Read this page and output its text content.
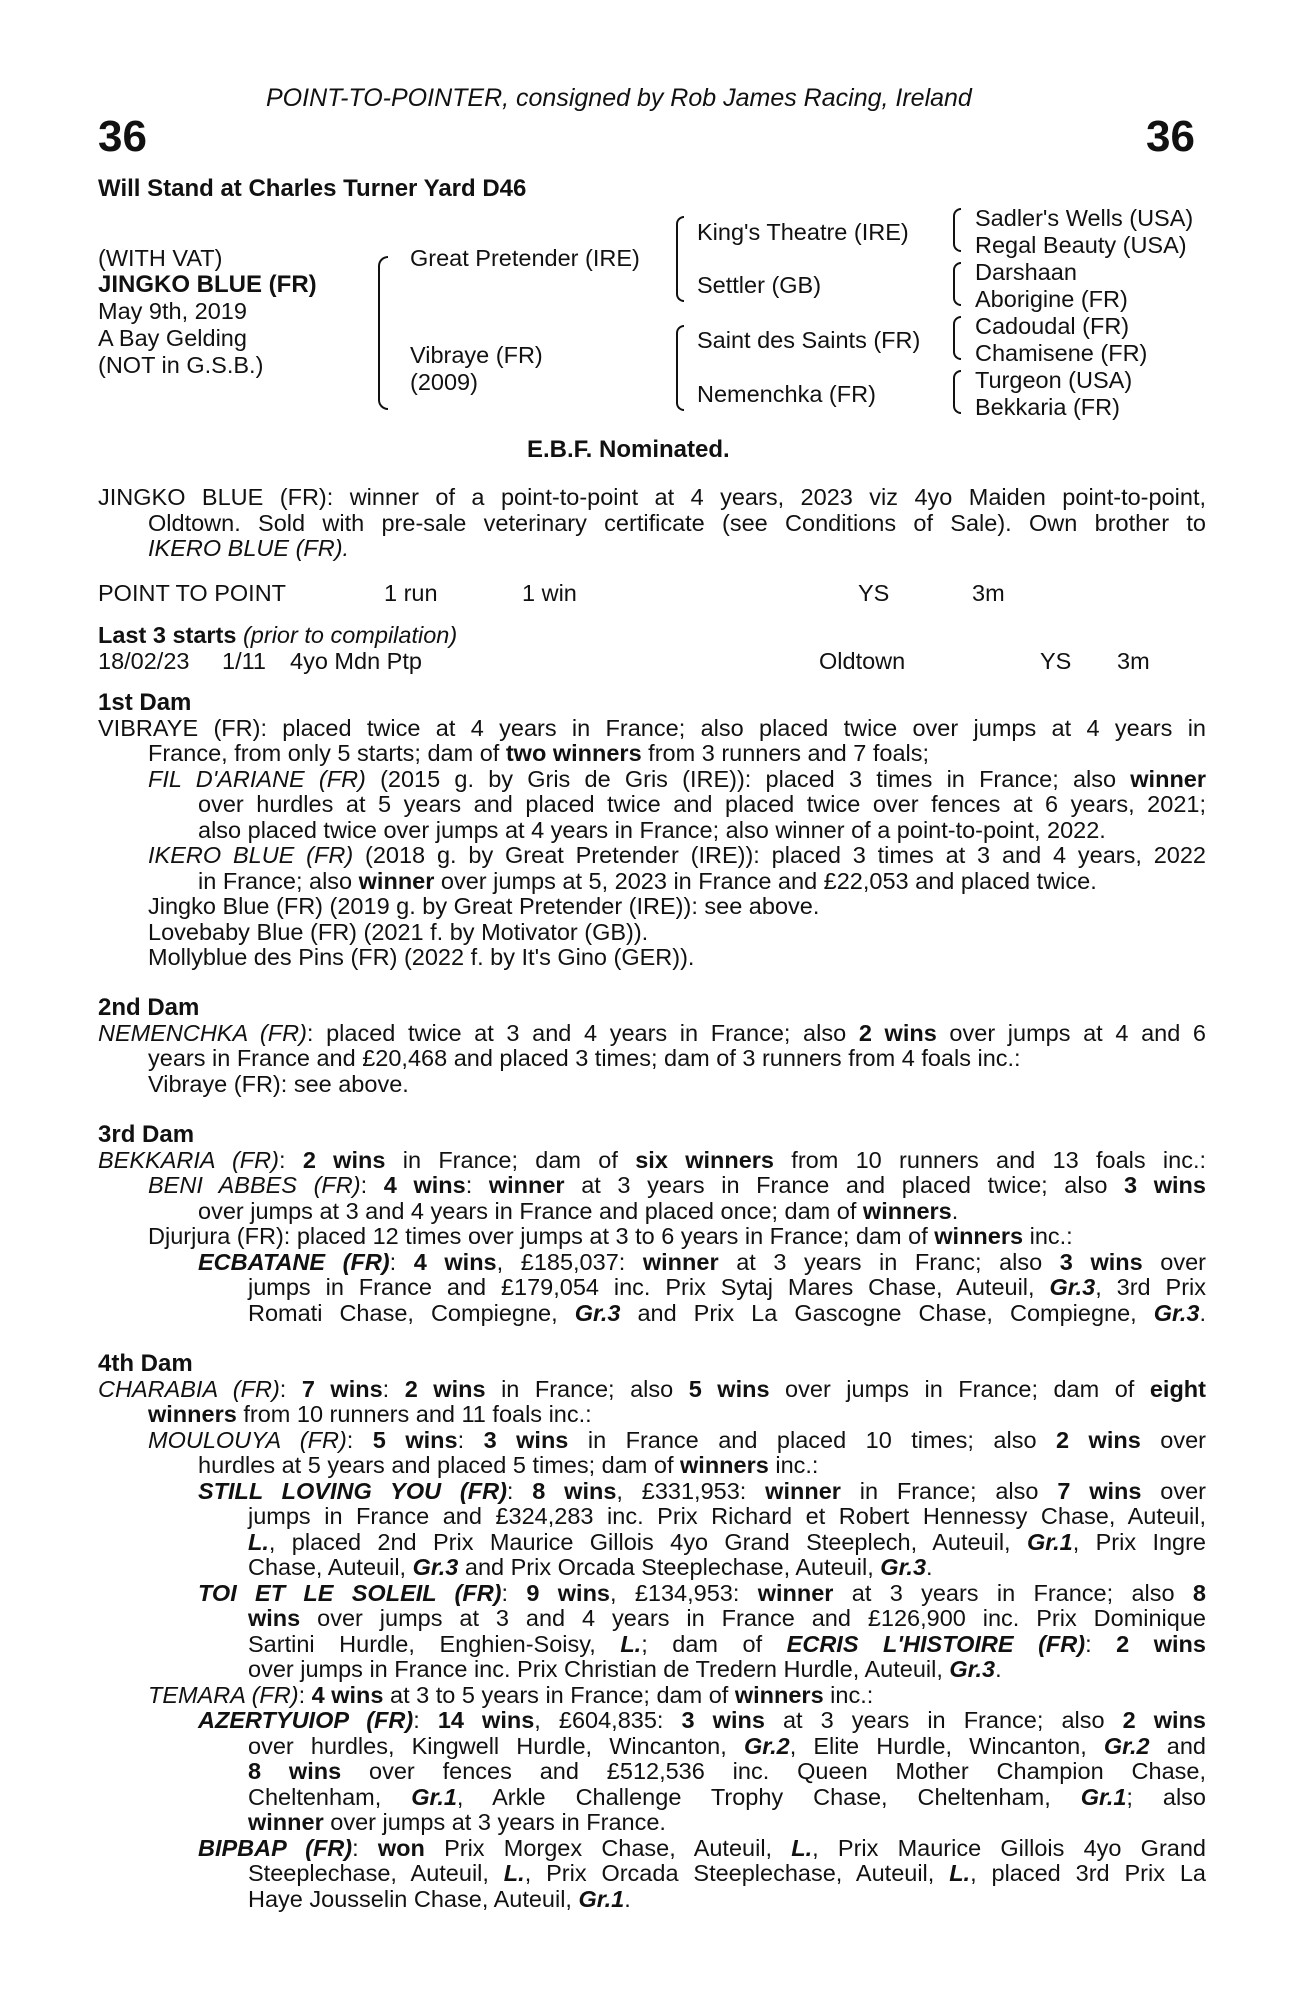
POINT-TO-POINTER, consigned by Rob James Racing, Ireland
36	36
Will Stand at Charles Turner Yard D46
(WITH VAT)
JINGKO BLUE (FR)
May 9th, 2019
A Bay Gelding
(NOT in G.S.B.)
Great Pretender (IRE)
Vibraye (FR)
(2009)
King's Theatre (IRE)
Settler (GB)
Saint des Saints (FR)
Nemenchka (FR)
Sadler's Wells (USA)
Regal Beauty (USA)
Darshaan
Aborigine (FR)
Cadoudal (FR)
Chamisene (FR)
Turgeon (USA)
Bekkaria (FR)
E.B.F. Nominated.
JINGKO BLUE (FR): winner of a point-to-point at 4 years, 2023 viz 4yo Maiden point-to-point,
Oldtown. Sold with pre-sale veterinary certificate (see Conditions of Sale). Own brother to
IKERO BLUE (FR).
POINT TO POINT	1 run	1 win	YS	3m
Last 3 starts (prior to compilation)
18/02/23 1/11 4yo Mdn Ptp	Oldtown	YS 3m
1st Dam
VIBRAYE (FR): placed twice at 4 years in France; also placed twice over jumps at 4 years in
France, from only 5 starts; dam of two winners from 3 runners and 7 foals;
FIL D'ARIANE (FR) (2015 g. by Gris de Gris (IRE)): placed 3 times in France; also winner
over hurdles at 5 years and placed twice and placed twice over fences at 6 years, 2021;
also placed twice over jumps at 4 years in France; also winner of a point-to-point, 2022.
IKERO BLUE (FR) (2018 g. by Great Pretender (IRE)): placed 3 times at 3 and 4 years, 2022
in France; also winner over jumps at 5, 2023 in France and £22,053 and placed twice.
Jingko Blue (FR) (2019 g. by Great Pretender (IRE)): see above.
Lovebaby Blue (FR) (2021 f. by Motivator (GB)).
Mollyblue des Pins (FR) (2022 f. by It's Gino (GER)).
2nd Dam
NEMENCHKA (FR): placed twice at 3 and 4 years in France; also 2 wins over jumps at 4 and 6
years in France and £20,468 and placed 3 times; dam of 3 runners from 4 foals inc.:
Vibraye (FR): see above.
3rd Dam
BEKKARIA (FR): 2 wins in France; dam of six winners from 10 runners and 13 foals inc.:
BENI ABBES (FR): 4 wins: winner at 3 years in France and placed twice; also 3 wins
over jumps at 3 and 4 years in France and placed once; dam of winners.
Djurjura (FR): placed 12 times over jumps at 3 to 6 years in France; dam of winners inc.:
ECBATANE (FR): 4 wins, £185,037: winner at 3 years in Franc; also 3 wins over
jumps in France and £179,054 inc. Prix Sytaj Mares Chase, Auteuil, Gr.3, 3rd Prix
Romati Chase, Compiegne, Gr.3 and Prix La Gascogne Chase, Compiegne, Gr.3.
4th Dam
CHARABIA (FR): 7 wins: 2 wins in France; also 5 wins over jumps in France; dam of eight
winners from 10 runners and 11 foals inc.:
MOULOUYA (FR): 5 wins: 3 wins in France and placed 10 times; also 2 wins over
hurdles at 5 years and placed 5 times; dam of winners inc.:
STILL LOVING YOU (FR): 8 wins, £331,953: winner in France; also 7 wins over
jumps in France and £324,283 inc. Prix Richard et Robert Hennessy Chase, Auteuil,
L., placed 2nd Prix Maurice Gillois 4yo Grand Steeplech, Auteuil, Gr.1, Prix Ingre
Chase, Auteuil, Gr.3 and Prix Orcada Steeplechase, Auteuil, Gr.3.
TOI ET LE SOLEIL (FR): 9 wins, £134,953: winner at 3 years in France; also 8
wins over jumps at 3 and 4 years in France and £126,900 inc. Prix Dominique
Sartini Hurdle, Enghien-Soisy, L.; dam of ECRIS L'HISTOIRE (FR): 2 wins
over jumps in France inc. Prix Christian de Tredern Hurdle, Auteuil, Gr.3.
TEMARA (FR): 4 wins at 3 to 5 years in France; dam of winners inc.:
AZERTYUIOP (FR): 14 wins, £604,835: 3 wins at 3 years in France; also 2 wins
over hurdles, Kingwell Hurdle, Wincanton, Gr.2, Elite Hurdle, Wincanton, Gr.2 and
8 wins over fences and £512,536 inc. Queen Mother Champion Chase,
Cheltenham, Gr.1, Arkle Challenge Trophy Chase, Cheltenham, Gr.1; also
winner over jumps at 3 years in France.
BIPBAP (FR): won Prix Morgex Chase, Auteuil, L., Prix Maurice Gillois 4yo Grand
Steeplechase, Auteuil, L., Prix Orcada Steeplechase, Auteuil, L., placed 3rd Prix La
Haye Jousselin Chase, Auteuil, Gr.1.
